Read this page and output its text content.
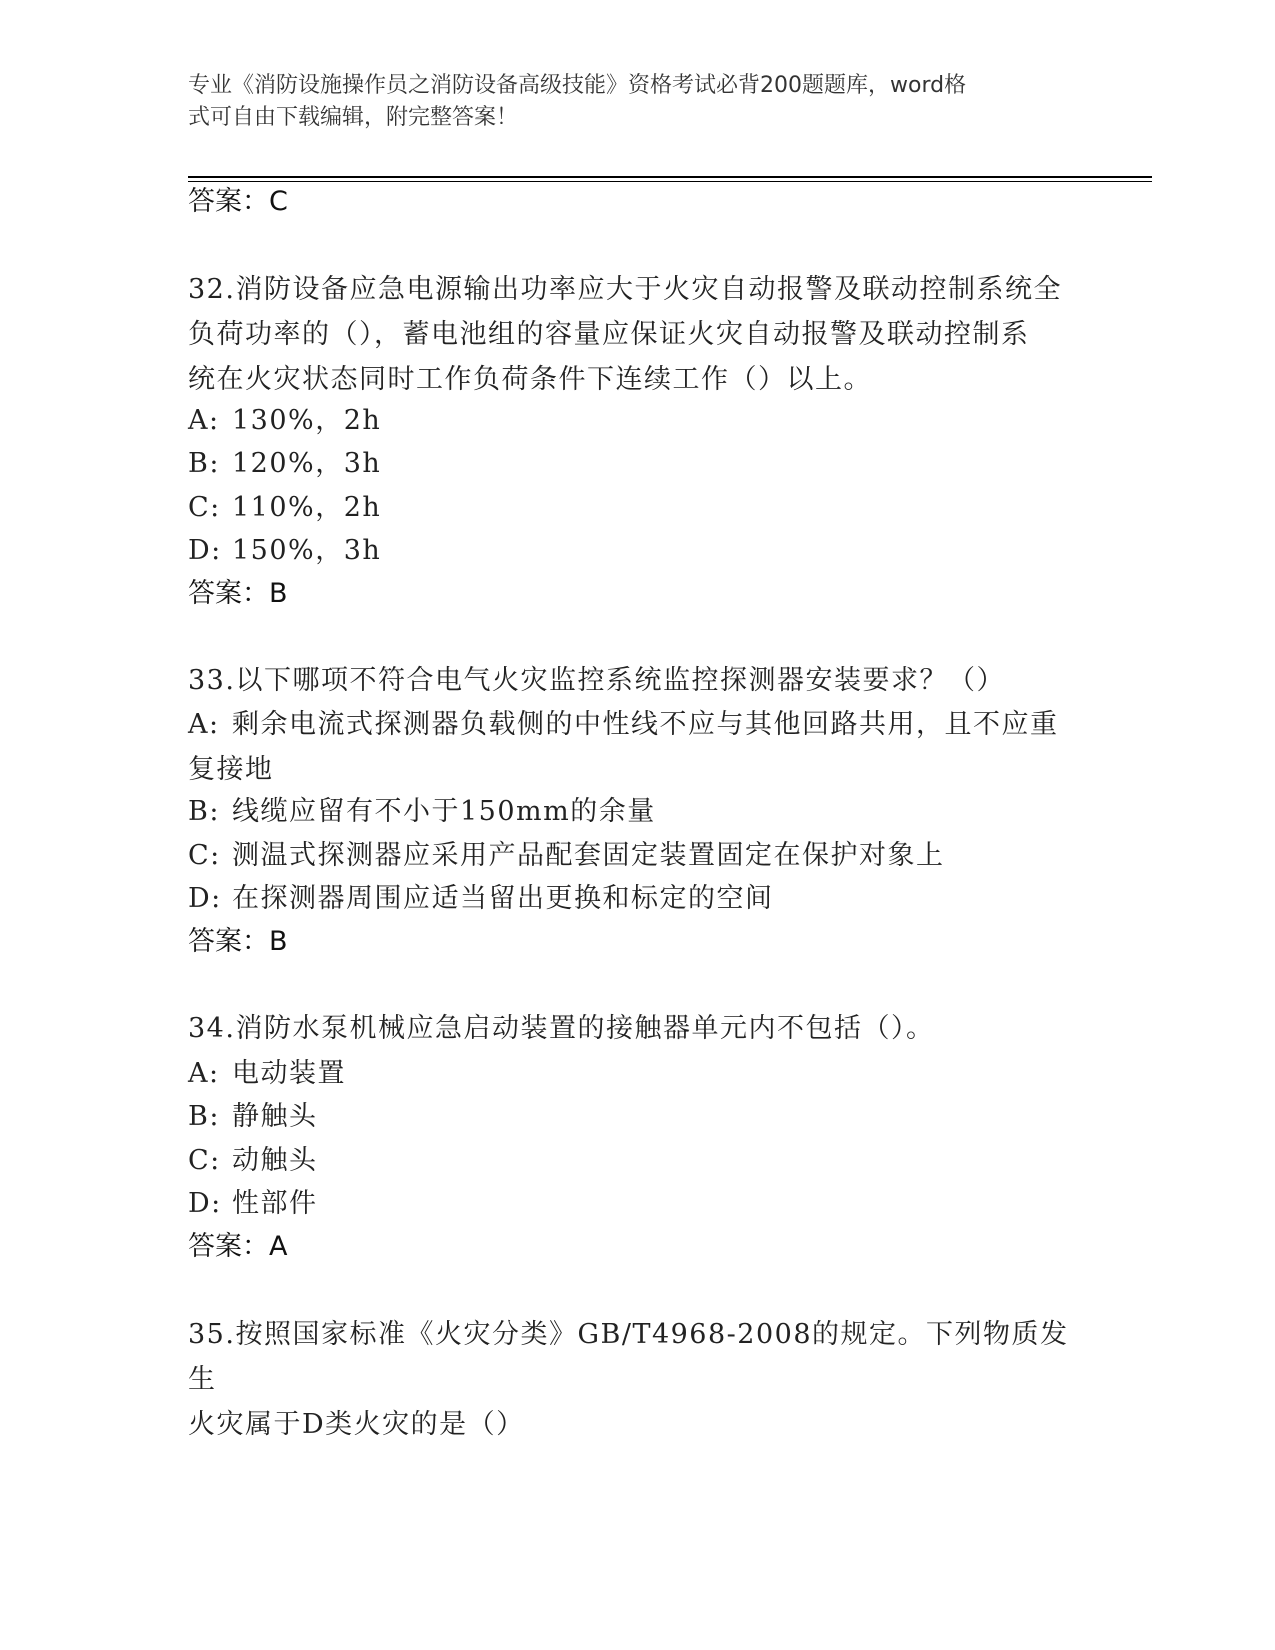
专业《消防设施操作员之消防设备高级技能》资格考试必背200题题库，word格

式可自由下载编辑，附完整答案！

答案：C

32.消防设备应急电源输出功率应大于火灾自动报警及联动控制系统全

负荷功率的（），蓄电池组的容量应保证火灾自动报警及联动控制系

统在火灾状态同时工作负荷条件下连续工作（）以上。

A: 130%，2h
B: 120%，3h
C: 110%，2h
D: 150%，3h
答案：B

33.以下哪项不符合电气火灾监控系统监控探测器安装要求？（）

A: 剩余电流式探测器负载侧的中性线不应与其他回路共用，且不应重
复接地
B: 线缆应留有不小于150mm的余量
C: 测温式探测器应采用产品配套固定装置固定在保护对象上
D: 在探测器周围应适当留出更换和标定的空间
答案：B

34.消防水泵机械应急启动装置的接触器单元内不包括（）。

A: 电动装置
B: 静触头
C: 动触头
D: 性部件
答案：A

35.按照国家标准《火灾分类》GB/T4968-2008的规定。下列物质发生

火灾属于D类火灾的是（）
